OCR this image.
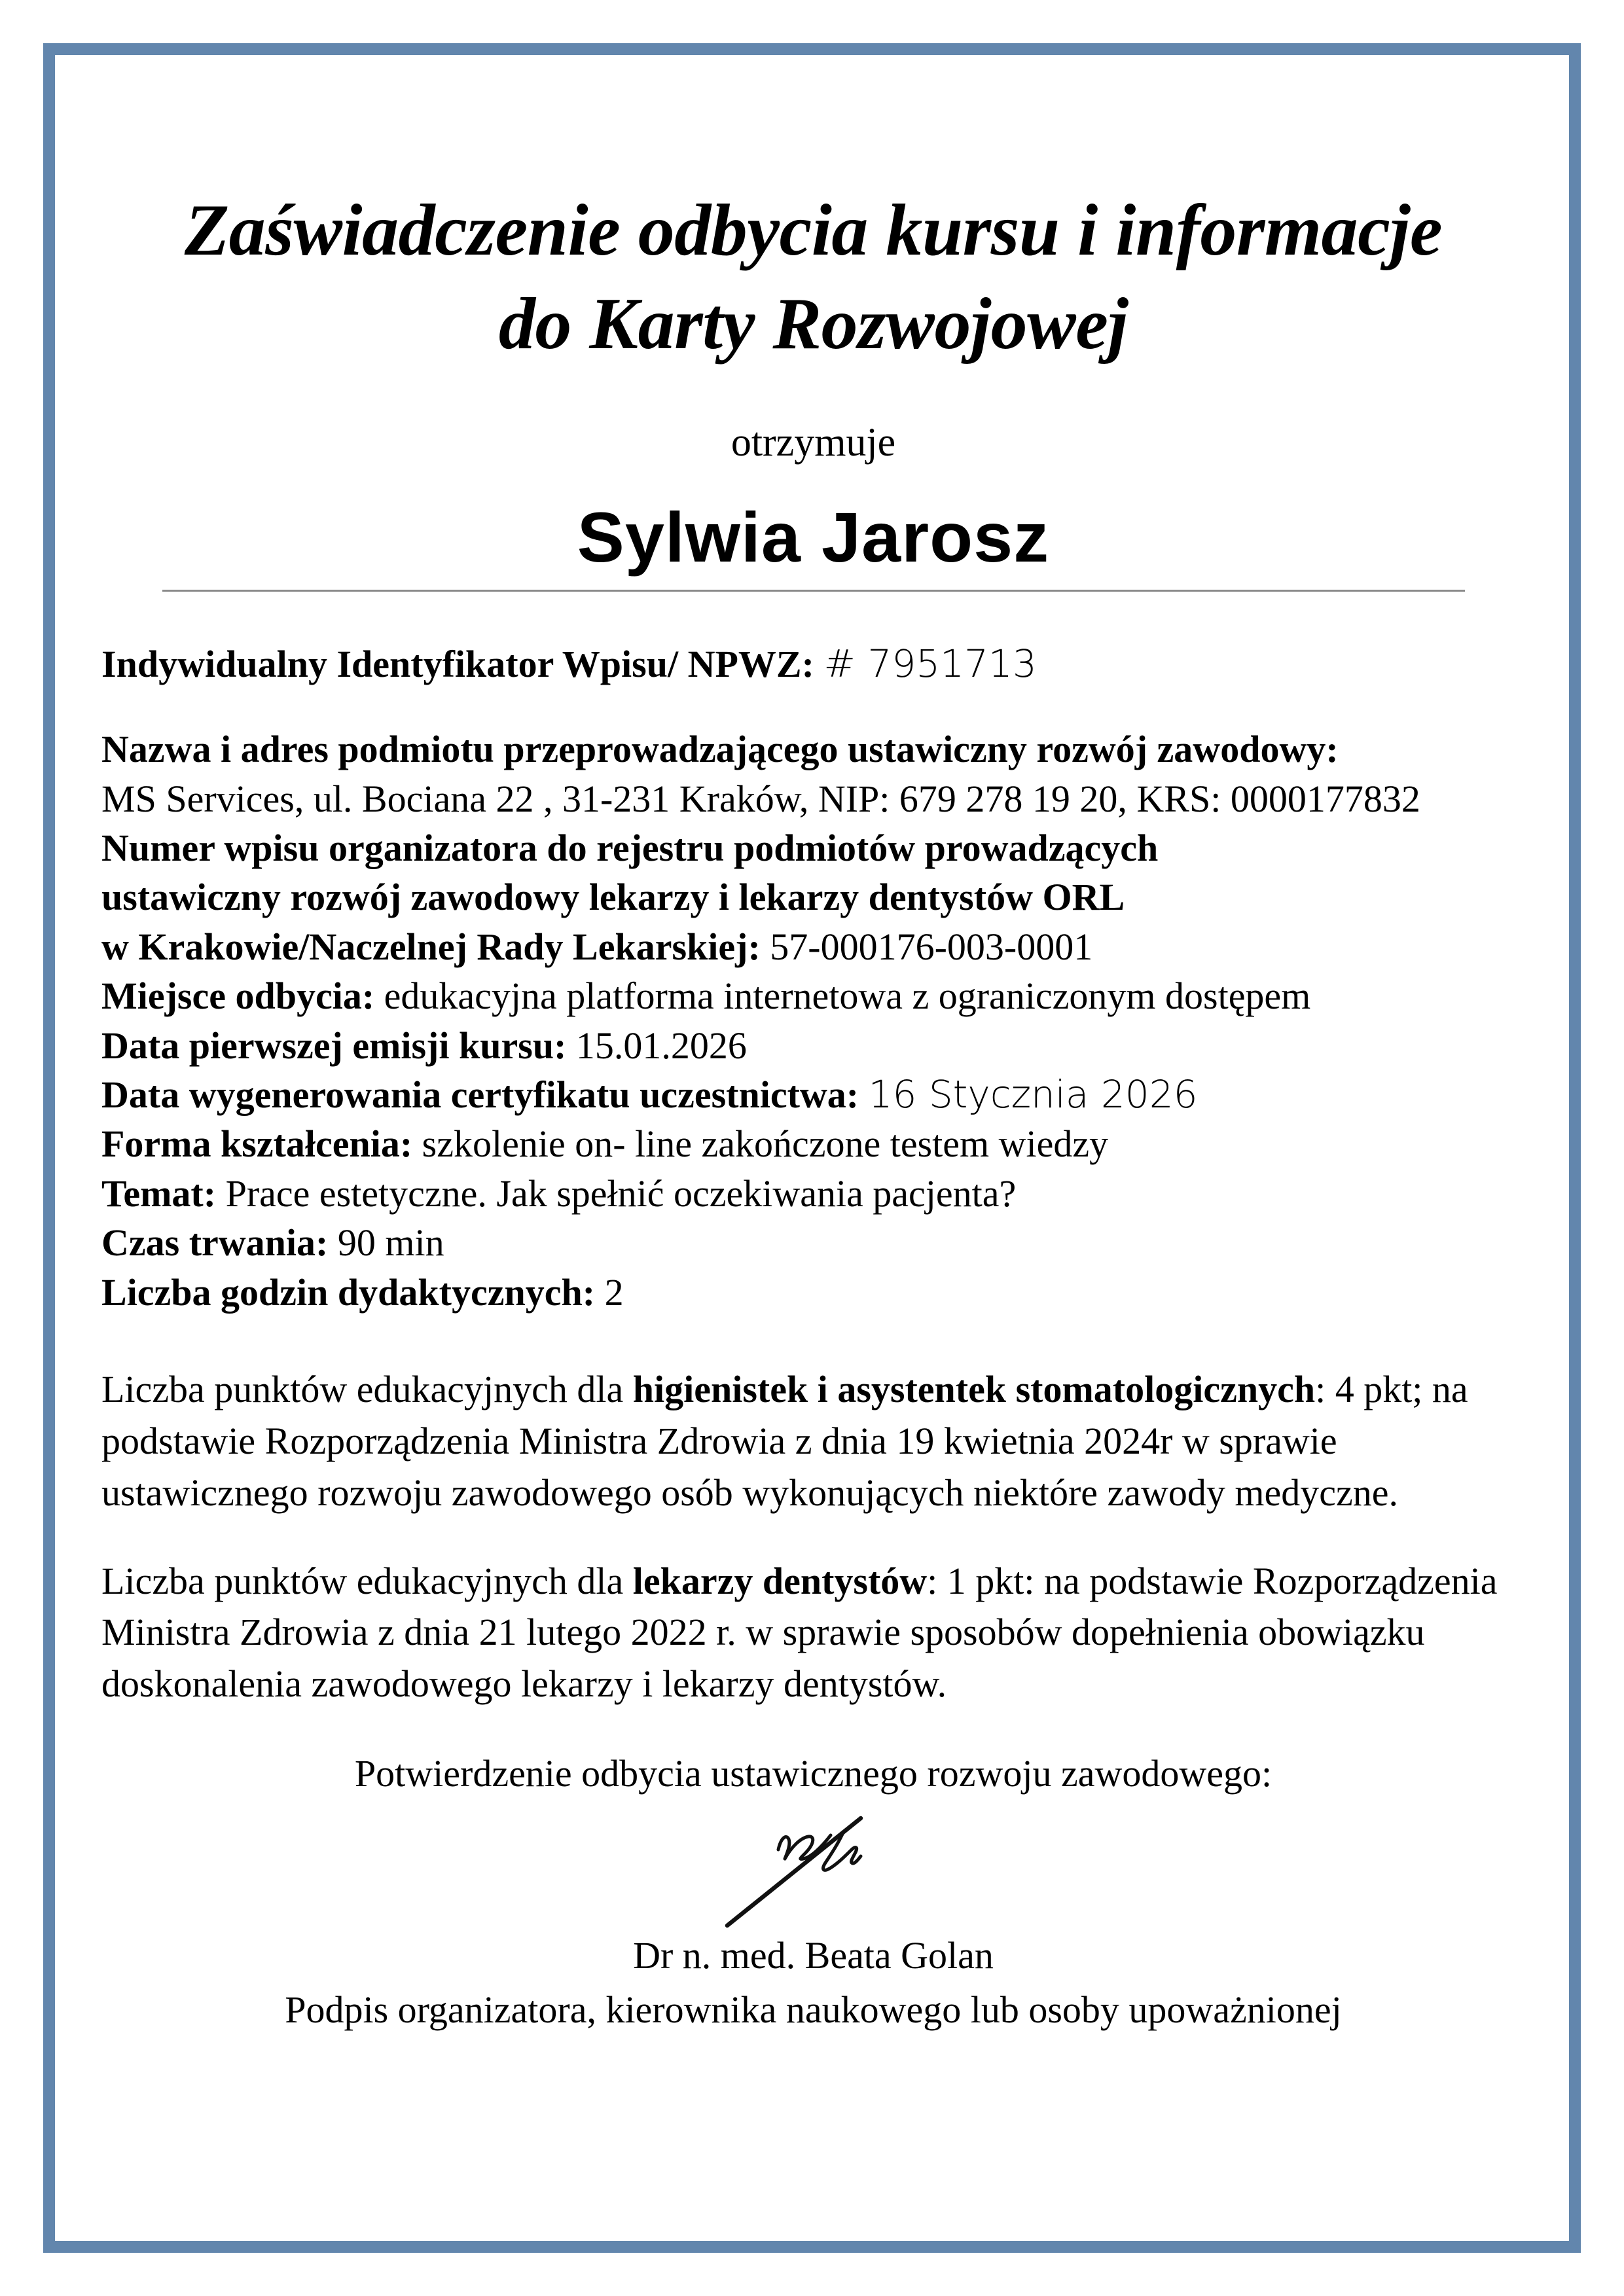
Zaświadczenie odbycia kursu i informacje
do Karty Rozwojowej
otrzymuje
Sylwia Jarosz
Indywidualny Identyfikator Wpisu/ NPWZ: # 7951713
Nazwa i adres podmiotu przeprowadzającego ustawiczny rozwój zawodowy:
MS Services, ul. Bociana 22 , 31-231 Kraków, NIP: 679 278 19 20, KRS: 0000177832
Numer wpisu organizatora do rejestru podmiotów prowadzących
ustawiczny rozwój zawodowy lekarzy i lekarzy dentystów ORL
w Krakowie/Naczelnej Rady Lekarskiej: 57-000176-003-0001
Miejsce odbycia: edukacyjna platforma internetowa z ograniczonym dostępem
Data pierwszej emisji kursu: 15.01.2026
Data wygenerowania certyfikatu uczestnictwa: 16 Stycznia 2026
Forma kształcenia: szkolenie on- line zakończone testem wiedzy
Temat: Prace estetyczne. Jak spełnić oczekiwania pacjenta?
Czas trwania: 90 min
Liczba godzin dydaktycznych: 2
Liczba punktów edukacyjnych dla higienistek i asystentek stomatologicznych: 4 pkt; na podstawie Rozporządzenia Ministra Zdrowia z dnia 19 kwietnia 2024r w sprawie ustawicznego rozwoju zawodowego osób wykonujących niektóre zawody medyczne.
Liczba punktów edukacyjnych dla lekarzy dentystów: 1 pkt: na podstawie Rozporządzenia Ministra Zdrowia z dnia 21 lutego 2022 r. w sprawie sposobów dopełnienia obowiązku doskonalenia zawodowego lekarzy i lekarzy dentystów.
Potwierdzenie odbycia ustawicznego rozwoju zawodowego:
Dr n. med. Beata Golan
Podpis organizatora, kierownika naukowego lub osoby upoważnionej
